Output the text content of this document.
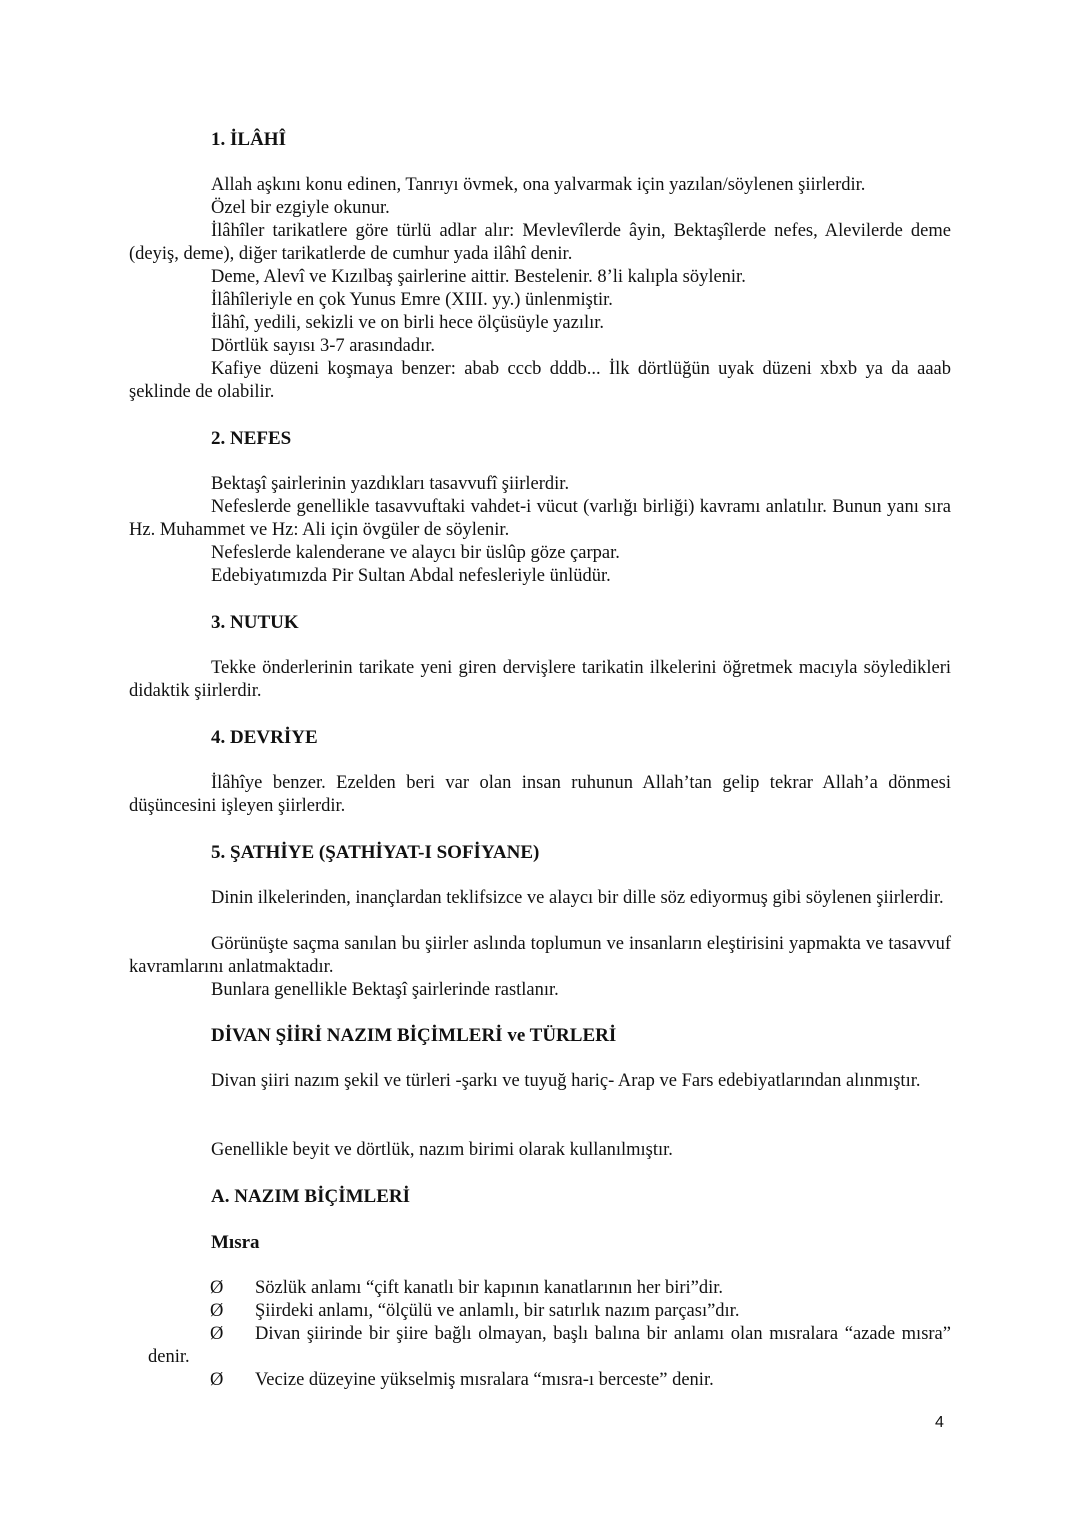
1. İLÂHÎ

Allah aşkını konu edinen, Tanrıyı övmek, ona yalvarmak için yazılan/söylenen şiirlerdir.

Özel bir ezgiyle okunur.

İlâhîler tarikatlere göre türlü adlar alır: Mevlevîlerde âyin, Bektaşîlerde nefes, Alevilerde deme (deyiş, deme), diğer tarikatlerde de cumhur yada ilâhî denir.

Deme, Alevî ve Kızılbaş şairlerine aittir. Bestelenir. 8’li kalıpla söylenir.

İlâhîleriyle en çok Yunus Emre (XIII. yy.) ünlenmiştir.

İlâhî, yedili, sekizli ve on birli hece ölçüsüyle yazılır.

Dörtlük sayısı 3-7 arasındadır.

Kafiye düzeni koşmaya benzer: abab cccb dddb... İlk dörtlüğün uyak düzeni xbxb ya da aaab şeklinde de olabilir.

2. NEFES

Bektaşî şairlerinin yazdıkları tasavvufî şiirlerdir.

Nefeslerde genellikle tasavvuftaki vahdet-i vücut (varlığı birliği) kavramı anlatılır. Bunun yanı sıra Hz. Muhammet ve Hz: Ali için övgüler de söylenir.

Nefeslerde kalenderane ve alaycı bir üslûp göze çarpar.

Edebiyatımızda Pir Sultan Abdal nefesleriyle ünlüdür.

3. NUTUK

Tekke önderlerinin tarikate yeni giren dervişlere tarikatin ilkelerini öğretmek macıyla söyledikleri didaktik şiirlerdir.

4. DEVRİYE

İlâhîye benzer. Ezelden beri var olan insan ruhunun Allah’tan gelip tekrar Allah’a dönmesi düşüncesini işleyen şiirlerdir.

5. ŞATHİYE (ŞATHİYAT-I SOFİYANE)

Dinin ilkelerinden, inançlardan teklifsizce ve alaycı bir dille söz ediyormuş gibi söylenen şiirlerdir.

Görünüşte saçma sanılan bu şiirler aslında toplumun ve insanların eleştirisini yapmakta ve tasavvuf kavramlarını anlatmaktadır.

Bunlara genellikle Bektaşî şairlerinde rastlanır.

DİVAN ŞİİRİ NAZIM BİÇİMLERİ ve TÜRLERİ

Divan şiiri nazım şekil ve türleri -şarkı ve tuyuğ hariç- Arap ve Fars edebiyatlarından alınmıştır.

Genellikle beyit ve dörtlük, nazım birimi olarak kullanılmıştır.

A. NAZIM BİÇİMLERİ
Mısra
Ø	Sözlük anlamı “çift kanatlı bir kapının kanatlarının her biri”dir.
Ø	Şiirdeki anlamı, “ölçülü ve anlamlı, bir satırlık nazım parçası”dır.
Ø	Divan şiirinde bir şiire bağlı olmayan, başlı balına bir anlamı olan mısralara “azade mısra” denir.
Ø	Vecize düzeyine yükselmiş mısralara “mısra-ı berceste” denir.
4
